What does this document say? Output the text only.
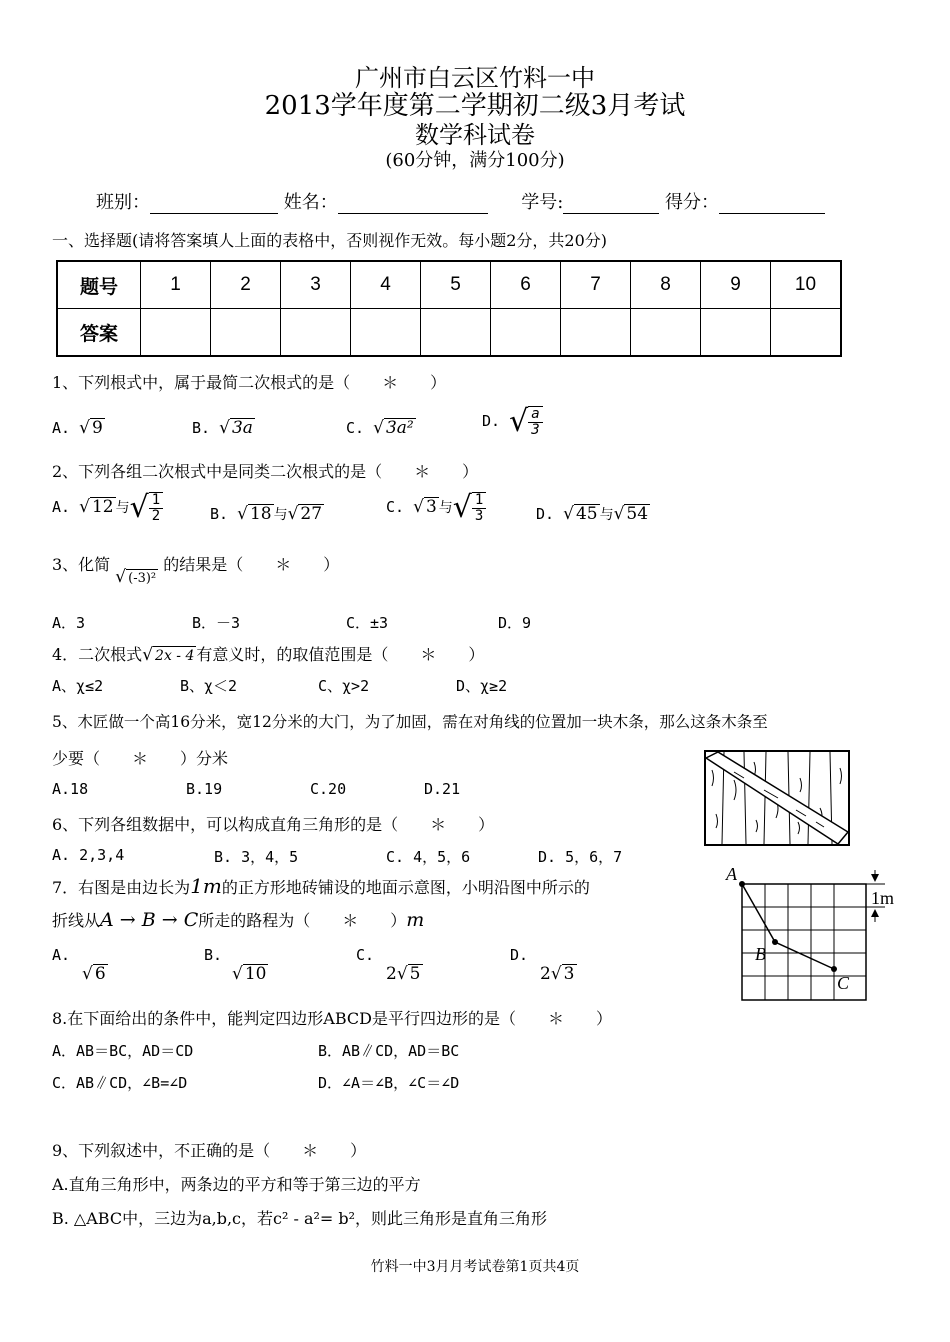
广州市白云区竹料一中
2013学年度第二学期初二级3月考试
数学科试卷
(60分钟，满分100分)
班别：	姓名：	学号:	得分：
一、选择题(请将答案填人上面的表格中，否则视作无效。每小题2分，共20分)
题号	1	2	3	4	5	6	7	8	9	10
答案										
1、下列根式中，属于最简二次根式的是（　　＊　　）
A. √ 9	B. √ 3a	C. √ 3a²	D. √ $\frac{a}{3}$
2、下列各组二次根式中是同类二次根式的是（　　＊　　）
A. √ 12 与√ $\frac{1}{2}$	B. √ 18 与√ 27	C. √ 3 与√ $\frac{1}{3}$	D. √ 45 与√ 54
3、化简 √ (-3)² 的结果是（　　＊　　）
A．3	B．－3	C．±3	D．9
4．二次根式√ 2x - 4 有意义时，的取值范围是（　　＊　　）
A、χ≤2	B、χ＜2	C、χ>2	D、χ≥2
5、木匠做一个高16分米，宽12分米的大门，为了加固，需在对角线的位置加一块木条，那么这条木条至
少要（　　＊　　）分米
A.18	B.19	C.20	D.21
6、下列各组数据中，可以构成直角三角形的是（　　＊　　）
A. 2,3,4	B. 3，4，5	C. 4，5，6	D. 5，6，7
7．右图是由边长为1m的正方形地砖铺设的地面示意图，小明沿图中所示的
折线从A → B → C所走的路程为（　　＊　　）m
A.
√ 6
B.
√ 10
C.
2√ 5
D.
2√ 3
A
B
C
1m
8.在下面给出的条件中，能判定四边形ABCD是平行四边形的是（　　＊　　）
A．AB＝BC，AD＝CD	B．AB∥CD，AD＝BC
C．AB∥CD，∠B=∠D	D．∠A＝∠B，∠C＝∠D
9、下列叙述中，不正确的是（　　＊　　）
A.直角三角形中，两条边的平方和等于第三边的平方
B. △ABC中，三边为a,b,c，若c² - a²= b²，则此三角形是直角三角形
竹料一中3月月考试卷第1页共4页
